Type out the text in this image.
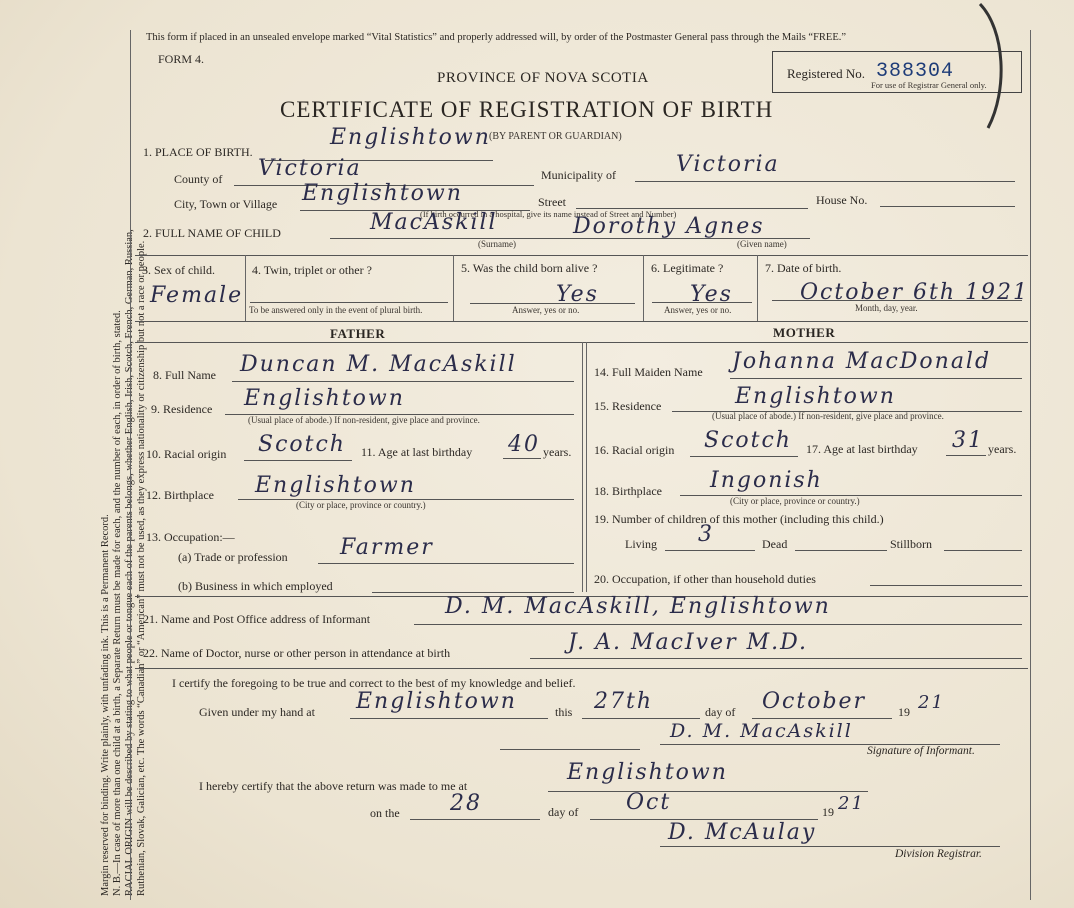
Margin reserved for binding. Write plainly, with unfading ink. This is a Permanent Record. N. B.—In case of more than one child at a birth, a Separate Return must be made for each, and the number of each, in order of birth, stated. RACIAL ORIGIN will be described by stating to what people or tongue each of the parents belongs, whether English, Irish, Scotch, French, German, Russian, Ruthenian, Slovak, Galician, etc. The words “Canadian” or “American” must not be used, as they express nationality or citizenship but not a race or people.
This form if placed in an unsealed envelope marked “Vital Statistics” and properly addressed will, by order of the Postmaster General pass through the Mails “FREE.”
FORM 4.
PROVINCE OF NOVA SCOTIA
CERTIFICATE OF REGISTRATION OF BIRTH
(BY PARENT OR GUARDIAN)
Registered No. 388304
For use of Registrar General only.
1. PLACE OF BIRTH.
Englishtown
County of Victoria	Municipality of	Victoria
City, Town or Village Englishtown	Street	House No.
(If birth occurred in a hospital, give its name instead of Street and Number)
2. FULL NAME OF CHILD	MacAskill	Dorothy Agnes
(Surname)	(Given name)
3. Sex of child.
Female
4. Twin, triplet or other ?
To be answered only in the event of plural birth.
5. Was the child born alive ?
Yes
Answer, yes or no.
6. Legitimate ?
Yes
Answer, yes or no.
7. Date of birth.
October 6th 1921
Month, day, year.
FATHER	MOTHER
8. Full Name Duncan M. MacAskill
9. Residence Englishtown
(Usual place of abode.) If non-resident, give place and province.
10. Racial origin Scotch 11. Age at last birthday 40 years.
12. Birthplace Englishtown
(City or place, province or country.)
13. Occupation:—
(a) Trade or profession Farmer
(b) Business in which employed
14. Full Maiden Name Johanna MacDonald
15. Residence	Englishtown
(Usual place of abode.) If non-resident, give place and province.
16. Racial origin Scotch 17. Age at last birthday 31 years.
18. Birthplace Ingonish
(City or place, province or country.)
19. Number of children of this mother (including this child.)
Living 3	Dead	Stillborn
20. Occupation, if other than household duties
21. Name and Post Office address of Informant	D. M. MacAskill, Englishtown
22. Name of Doctor, nurse or other person in attendance at birth	J. A. MacIver M.D.
I certify the foregoing to be true and correct to the best of my knowledge and belief.
Given under my hand at Englishtown	this 27th	day of October	19 21
D. M. MacAskill
Signature of Informant.
I hereby certify that the above return was made to me at
Englishtown
on the 28	day of Oct	19 21
D. McAulay
Division Registrar.
